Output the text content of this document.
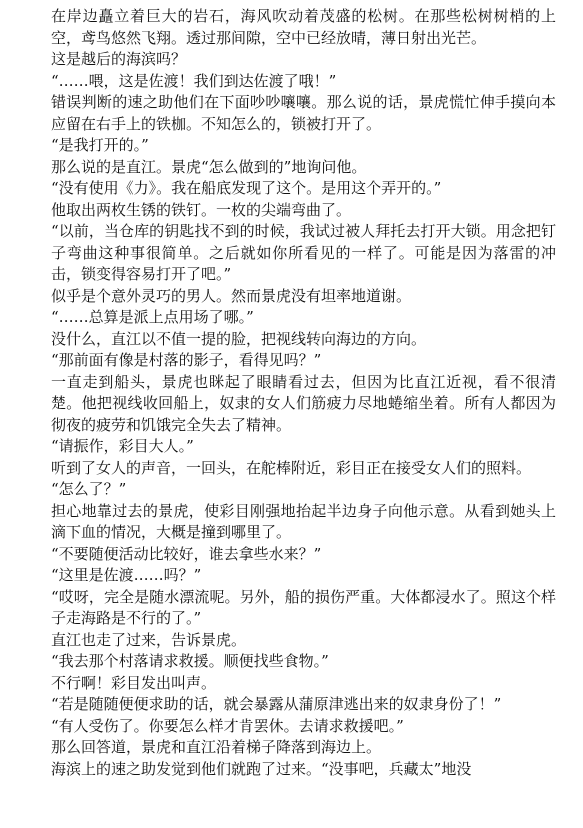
在岸边矗立着巨大的岩石，海风吹动着茂盛的松树。在那些松树树梢的上空，鸢鸟悠然飞翔。透过那间隙，空中已经放晴，薄日射出光芒。

这是越后的海滨吗？

“……喂，这是佐渡！我们到达佐渡了哦！”

错误判断的速之助他们在下面吵吵嚷嚷。那么说的话，景虎慌忙伸手摸向本应留在右手上的铁枷。不知怎么的，锁被打开了。

“是我打开的。”

那么说的是直江。景虎“怎么做到的”地询问他。

“没有使用《力》。我在船底发现了这个。是用这个弄开的。”

他取出两枚生锈的铁钉。一枚的尖端弯曲了。

“以前，当仓库的钥匙找不到的时候，我试过被人拜托去打开大锁。用念把钉子弯曲这种事很简单。之后就如你所看见的一样了。可能是因为落雷的冲击，锁变得容易打开了吧。”

似乎是个意外灵巧的男人。然而景虎没有坦率地道谢。

“……总算是派上点用场了哪。”

没什么，直江以不值一提的脸，把视线转向海边的方向。

“那前面有像是村落的影子，看得见吗？”

一直走到船头，景虎也眯起了眼睛看过去，但因为比直江近视，看不很清楚。他把视线收回船上，奴隶的女人们筋疲力尽地蜷缩坐着。所有人都因为彻夜的疲劳和饥饿完全失去了精神。

“请振作，彩目大人。”

听到了女人的声音，一回头，在舵棒附近，彩目正在接受女人们的照料。

“怎么了？”

担心地靠过去的景虎，使彩目刚强地抬起半边身子向他示意。从看到她头上滴下血的情况，大概是撞到哪里了。

“不要随便活动比较好，谁去拿些水来？”

“这里是佐渡……吗？”

“哎呀，完全是随水漂流呢。另外，船的损伤严重。大体都浸水了。照这个样子走海路是不行的了。”

直江也走了过来，告诉景虎。

“我去那个村落请求救援。顺便找些食物。”

不行啊！彩目发出叫声。

“若是随随便便求助的话，就会暴露从蒲原津逃出来的奴隶身份了！”

“有人受伤了。你要怎么样才肯罢休。去请求救援吧。”

那么回答道，景虎和直江沿着梯子降落到海边上。

海滨上的速之助发觉到他们就跑了过来。“没事吧，兵藏太”地没
